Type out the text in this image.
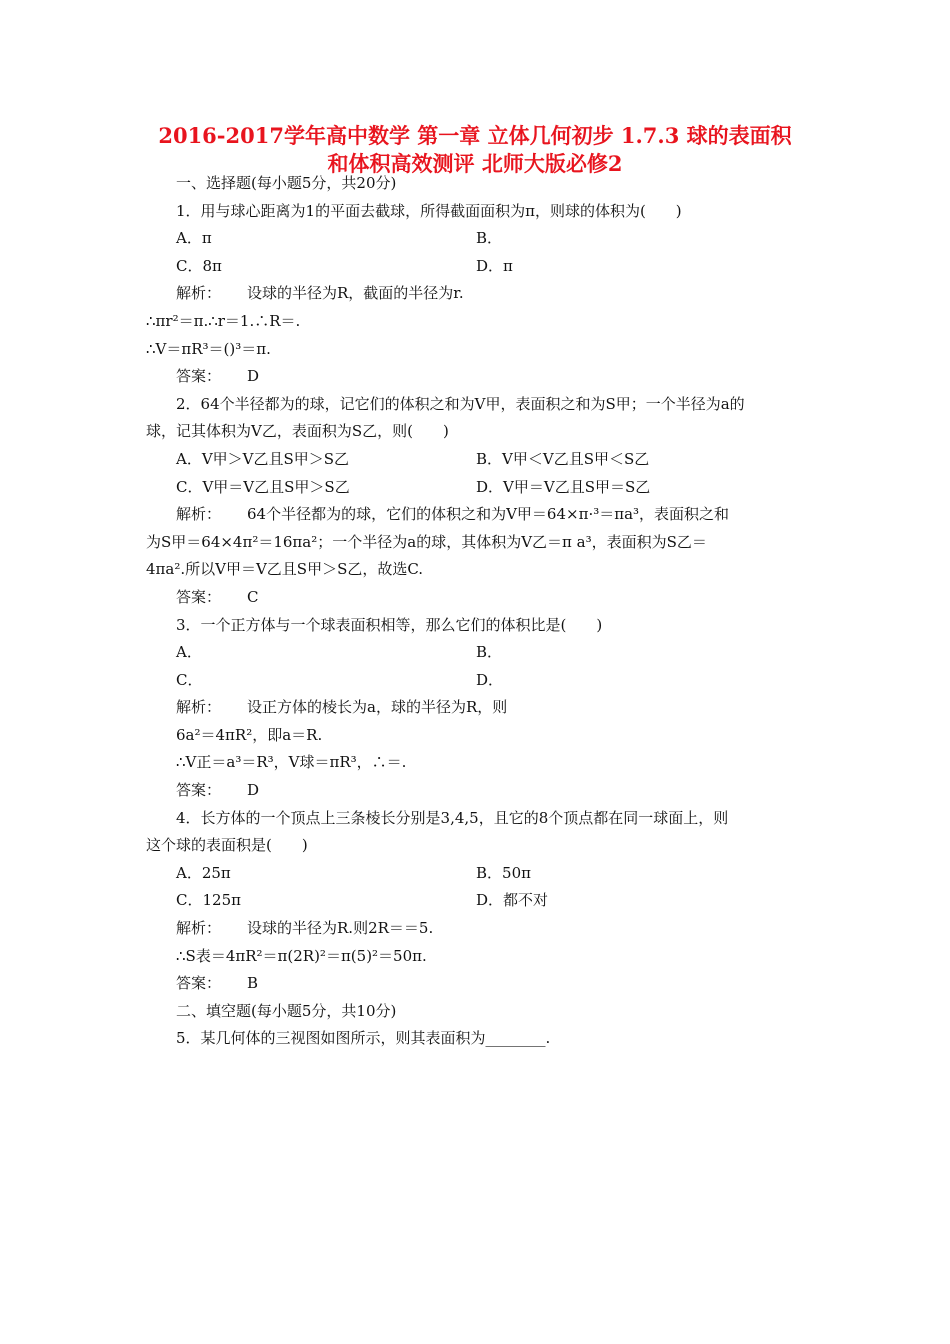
2016-2017学年高中数学 第一章 立体几何初步 1.7.3 球的表面积
和体积高效测评 北师大版必修2
一、选择题(每小题5分，共20分)
1．用与球心距离为1的平面去截球，所得截面面积为π，则球的体积为(　　)
A．π	B．
C．8π	D．π
解析： 设球的半径为R，截面的半径为r.
∴πr²＝π.∴r＝1.∴R＝.
∴V＝πR³＝()³＝π.
答案： D
2．64个半径都为的球，记它们的体积之和为V甲，表面积之和为S甲；一个半径为a的
球，记其体积为V乙，表面积为S乙，则(　　)
A．V甲＞V乙且S甲＞S乙	B．V甲＜V乙且S甲＜S乙
C．V甲＝V乙且S甲＞S乙	D．V甲＝V乙且S甲＝S乙
解析： 64个半径都为的球，它们的体积之和为V甲＝64×π·³＝πa³，表面积之和
为S甲＝64×4π²＝16πa²；一个半径为a的球，其体积为V乙＝π a³，表面积为S乙＝
4πa².所以V甲＝V乙且S甲＞S乙，故选C.
答案： C
3．一个正方体与一个球表面积相等，那么它们的体积比是(　　)
A．	B．
C．	D．
解析： 设正方体的棱长为a，球的半径为R，则
6a²＝4πR²，即a＝R.
∴V正＝a³＝R³，V球＝πR³，∴＝.
答案： D
4．长方体的一个顶点上三条棱长分别是3,4,5，且它的8个顶点都在同一球面上，则
这个球的表面积是(　　)
A．25π	B．50π
C．125π	D．都不对
解析： 设球的半径为R.则2R＝＝5.
∴S表＝4πR²＝π(2R)²＝π(5)²＝50π.
答案： B
二、填空题(每小题5分，共10分)
5．某几何体的三视图如图所示，则其表面积为________.
